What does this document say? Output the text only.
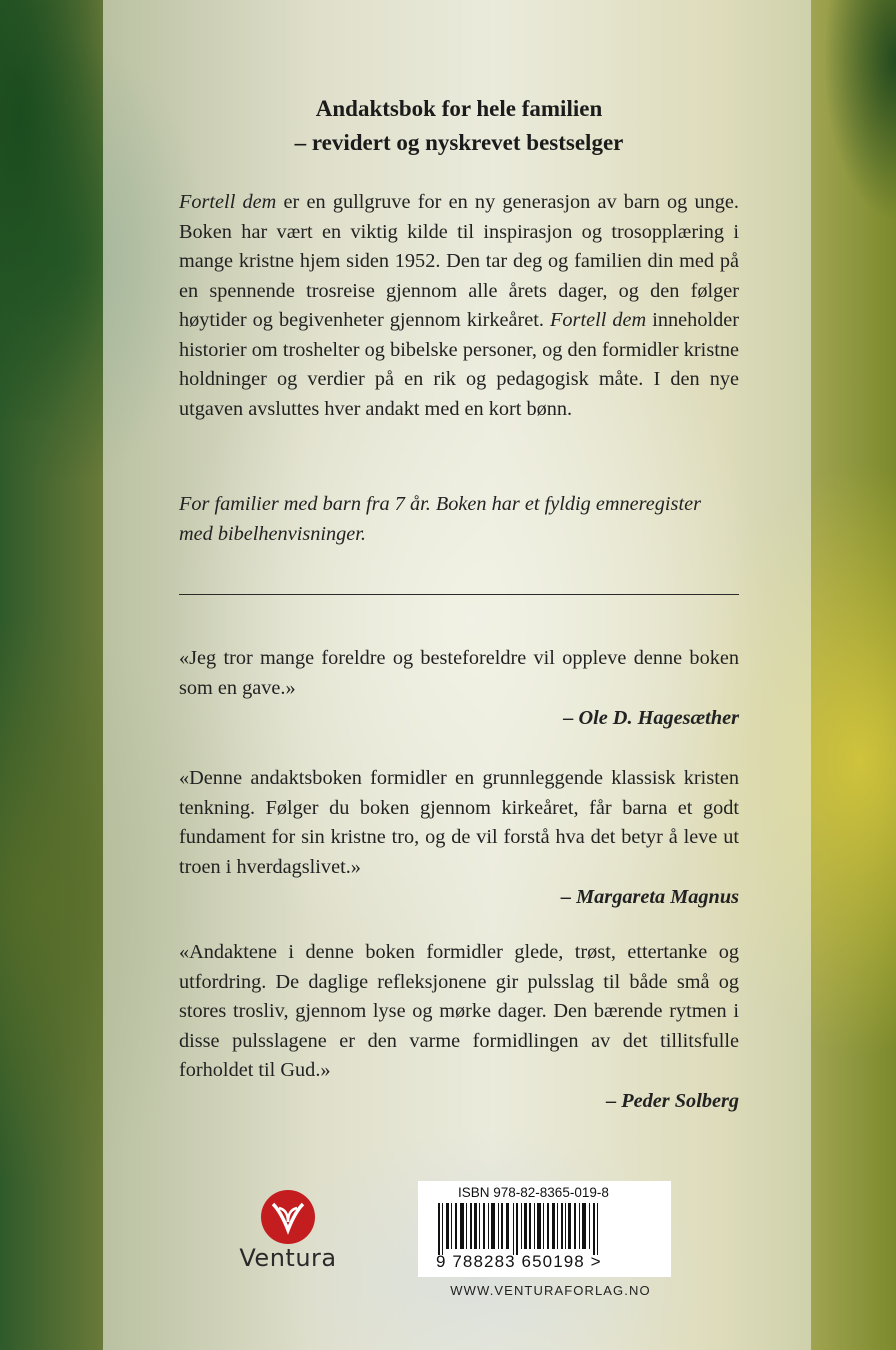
Andaktsbok for hele familien
– revidert og nyskrevet bestselger

Fortell dem er en gullgruve for en ny generasjon av barn og unge. Boken har vært en viktig kilde til inspirasjon og trosopplæring i mange kristne hjem siden 1952. Den tar deg og familien din med på en spennende trosreise gjennom alle årets dager, og den følger høytider og begivenheter gjennom kirkeåret. Fortell dem inneholder historier om troshelter og bibelske personer, og den formidler kristne holdninger og verdier på en rik og pedagogisk måte. I den nye utgaven avsluttes hver andakt med en kort bønn.

For familier med barn fra 7 år. Boken har et fyldig emneregister med bibelhenvisninger.
«Jeg tror mange foreldre og besteforeldre vil oppleve denne boken som en gave.»
– Ole D. Hagesæther
«Denne andaktsboken formidler en grunnleggende klassisk kristen tenkning. Følger du boken gjennom kirkeåret, får barna et godt fundament for sin kristne tro, og de vil forstå hva det betyr å leve ut troen i hverdagslivet.»
– Margareta Magnus
«Andaktene i denne boken formidler glede, trøst, ettertanke og utfordring. De daglige refleksjonene gir pulsslag til både små og stores trosliv, gjennom lyse og mørke dager. Den bærende rytmen i disse pulsslagene er den varme formidlingen av det tillitsfulle forholdet til Gud.»
– Peder Solberg
Ventura
ISBN 978-82-8365-019-8
9 788283 650198 >
WWW.VENTURAFORLAG.NO
